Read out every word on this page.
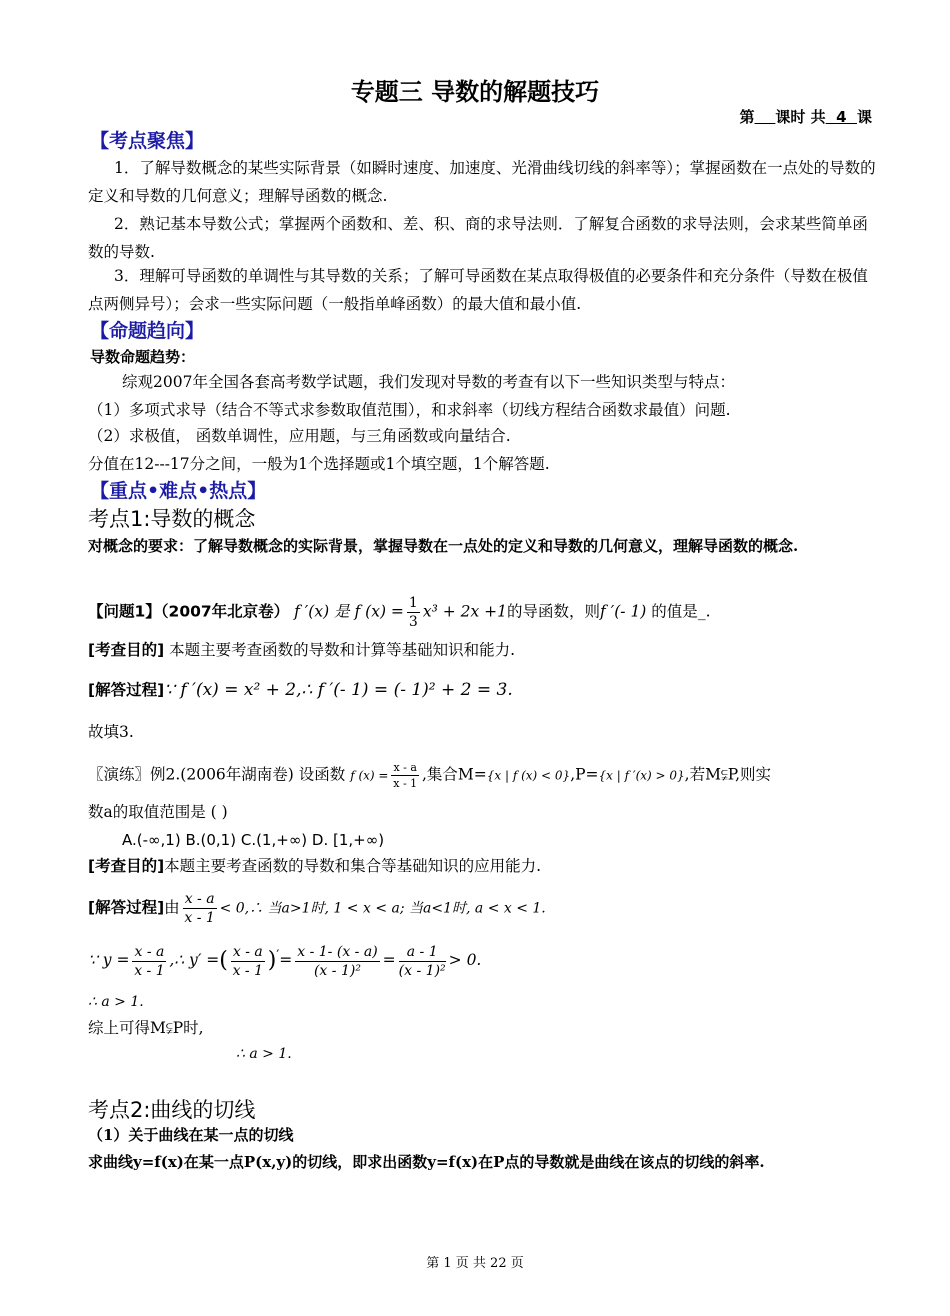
专题三 导数的解题技巧
第 课时 共 4 课
【考点聚焦】
1．了解导数概念的某些实际背景（如瞬时速度、加速度、光滑曲线切线的斜率等）；掌握函数在一点处的导数的定义和导数的几何意义；理解导函数的概念.
2．熟记基本导数公式；掌握两个函数和、差、积、商的求导法则．了解复合函数的求导法则，会求某些简单函数的导数.
3．理解可导函数的单调性与其导数的关系；了解可导函数在某点取得极值的必要条件和充分条件（导数在极值点两侧异号）；会求一些实际问题（一般指单峰函数）的最大值和最小值.
【命题趋向】
导数命题趋势：
综观2007年全国各套高考数学试题，我们发现对导数的考查有以下一些知识类型与特点：
（1）多项式求导（结合不等式求参数取值范围），和求斜率（切线方程结合函数求最值）问题.
（2）求极值， 函数单调性，应用题，与三角函数或向量结合.
分值在12---17分之间，一般为1个选择题或1个填空题，1个解答题.
【重点•难点•热点】
考点1:导数的概念
对概念的要求：了解导数概念的实际背景，掌握导数在一点处的定义和导数的几何意义，理解导函数的概念.
【问题1】（2007年北京卷） f ′(x) 是 f $(x) = \frac{1}{3} x^3 + 2x +1$的导函数，则f ′(- 1) 的值是_.
[考查目的] 本题主要考查函数的导数和计算等基础知识和能力.
[解答过程]∵ f ′(x) = x² + 2,∴ f ′(- 1) = (- 1)² + 2 = 3.
故填3.
〖演练〗例2.(2006年湖南卷) 设函数 f $(x) = \frac{x - a}{x - 1}$ ,集合M={x | f (x) < 0},P={x | f ′(x) > 0},若M⫋P,则实
数a的取值范围是 ( )
A.(-∞,1) B.(0,1) C.(1,+∞) D. [1,+∞)
[考查目的]本题主要考查函数的导数和集合等基础知识的应用能力.
[解答过程]由 $\frac{x - a}{x - 1}$ < 0,∴ 当a>1时, 1 < x < a; 当a<1时, a < x < 1.
∵ $y = \frac{x - a}{x - 1}$ ,∴ y′ =( $\frac{x - a}{x - 1} )'= \frac{x - 1- (x - a)}{\text{(x - 1)²}} = \frac{a - 1}{\text{(x - 1)²}} > 0$.
∴ a > 1.
综上可得M⫋P时,
∴ a > 1.
考点2:曲线的切线
（1）关于曲线在某一点的切线
求曲线y=f(x)在某一点P(x,y)的切线，即求出函数y=f(x)在P点的导数就是曲线在该点的切线的斜率.
第 1 页 共 22 页
